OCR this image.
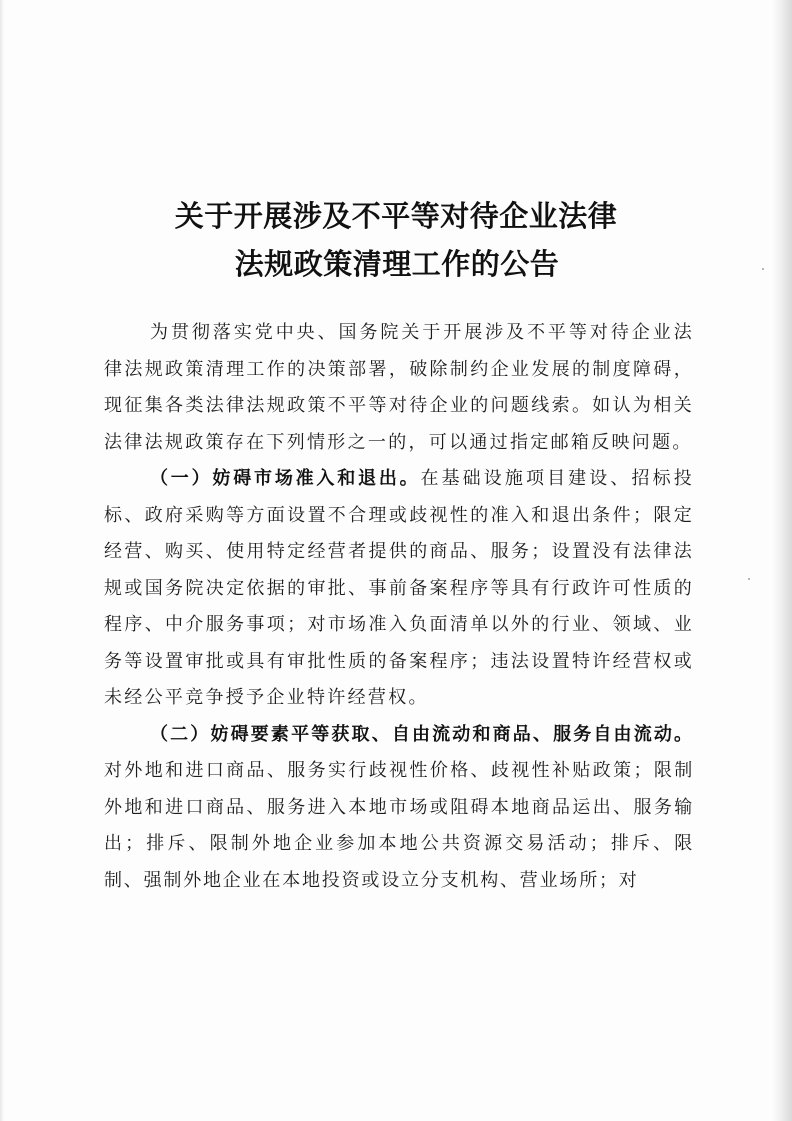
关于开展涉及不平等对待企业法律
法规政策清理工作的公告

为贯彻落实党中央、国务院关于开展涉及不平等对待企业法律法规政策清理工作的决策部署，破除制约企业发展的制度障碍，现征集各类法律法规政策不平等对待企业的问题线索。如认为相关法律法规政策存在下列情形之一的，可以通过指定邮箱反映问题。

（一）妨碍市场准入和退出。在基础设施项目建设、招标投标、政府采购等方面设置不合理或歧视性的准入和退出条件；限定经营、购买、使用特定经营者提供的商品、服务；设置没有法律法规或国务院决定依据的审批、事前备案程序等具有行政许可性质的程序、中介服务事项；对市场准入负面清单以外的行业、领域、业务等设置审批或具有审批性质的备案程序；违法设置特许经营权或未经公平竞争授予企业特许经营权。

（二）妨碍要素平等获取、自由流动和商品、服务自由流动。对外地和进口商品、服务实行歧视性价格、歧视性补贴政策；限制外地和进口商品、服务进入本地市场或阻碍本地商品运出、服务输出；排斥、限制外地企业参加本地公共资源交易活动；排斥、限制、强制外地企业在本地投资或设立分支机构、营业场所；对
